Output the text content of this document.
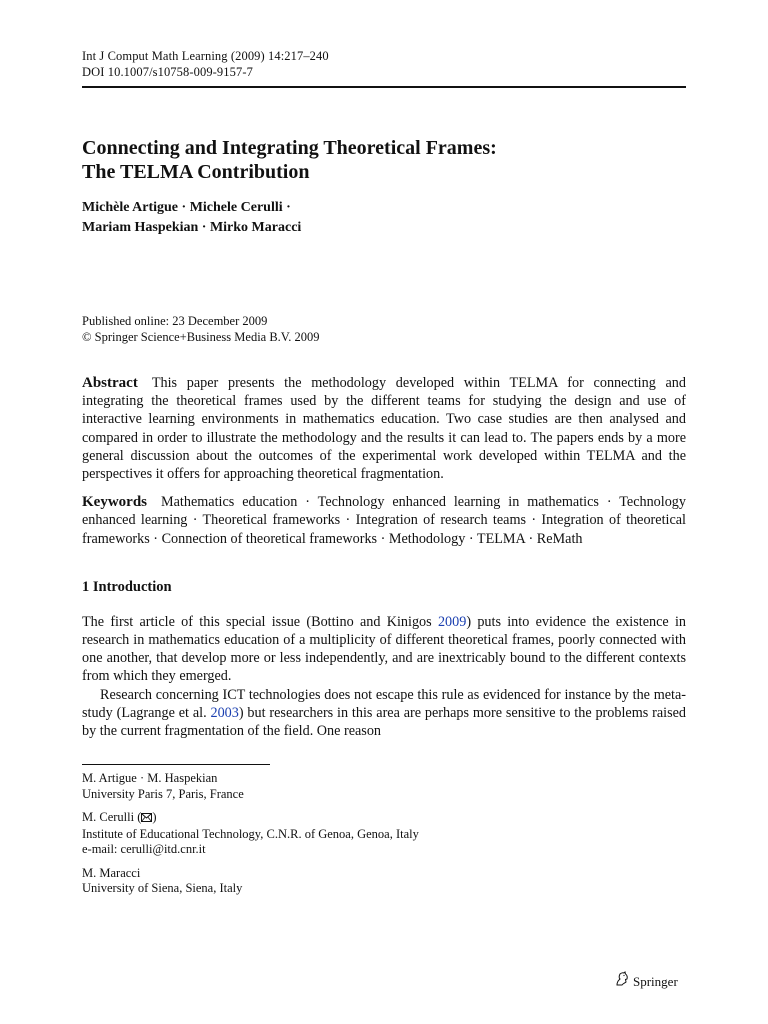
Int J Comput Math Learning (2009) 14:217–240
DOI 10.1007/s10758-009-9157-7
Connecting and Integrating Theoretical Frames:
The TELMA Contribution
Michèle Artigue · Michele Cerulli ·
Mariam Haspekian · Mirko Maracci
Published online: 23 December 2009
© Springer Science+Business Media B.V. 2009
Abstract This paper presents the methodology developed within TELMA for connecting and integrating the theoretical frames used by the different teams for studying the design and use of interactive learning environments in mathematics education. Two case studies are then analysed and compared in order to illustrate the methodology and the results it can lead to. The papers ends by a more general discussion about the outcomes of the experimental work developed within TELMA and the perspectives it offers for approaching theoretical fragmentation.
Keywords Mathematics education · Technology enhanced learning in mathematics · Technology enhanced learning · Theoretical frameworks · Integration of research teams · Integration of theoretical frameworks · Connection of theoretical frameworks · Methodology · TELMA · ReMath
1 Introduction
The first article of this special issue (Bottino and Kinigos 2009) puts into evidence the existence in research in mathematics education of a multiplicity of different theoretical frames, poorly connected with one another, that develop more or less independently, and are inextricably bound to the different contexts from which they emerged.
Research concerning ICT technologies does not escape this rule as evidenced for instance by the meta-study (Lagrange et al. 2003) but researchers in this area are perhaps more sensitive to the problems raised by the current fragmentation of the field. One reason
M. Artigue · M. Haspekian
University Paris 7, Paris, France
M. Cerulli ( )
Institute of Educational Technology, C.N.R. of Genoa, Genoa, Italy
e-mail: cerulli@itd.cnr.it
M. Maracci
University of Siena, Siena, Italy
Springer
